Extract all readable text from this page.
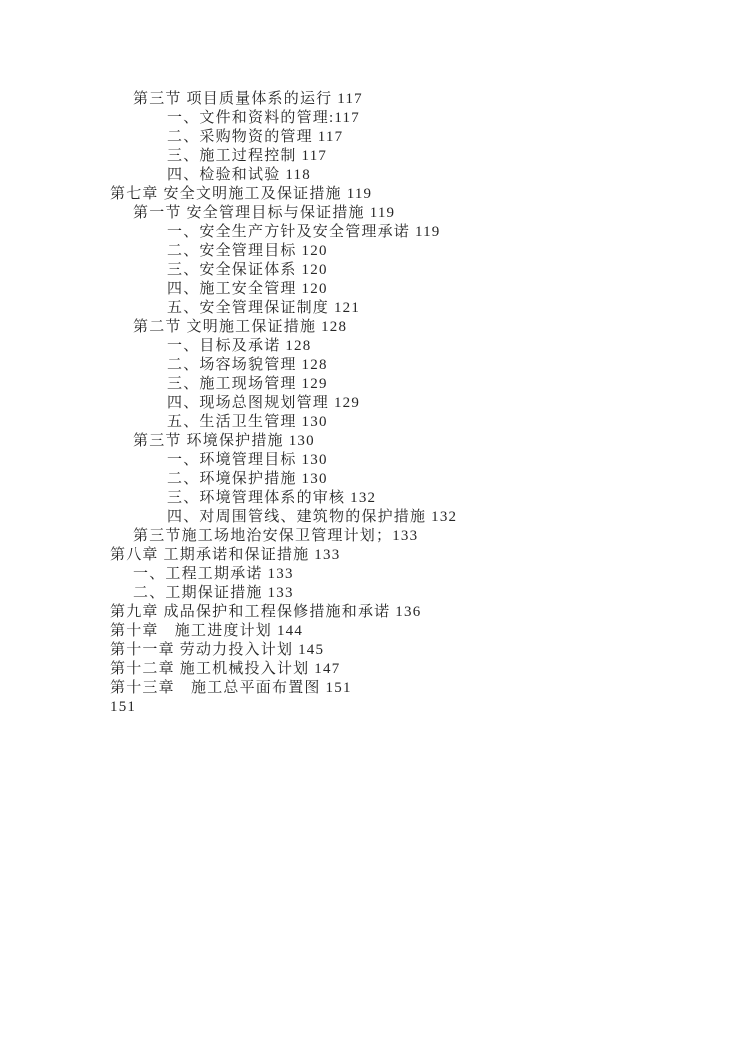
第三节 项目质量体系的运行 117
一、文件和资料的管理:117
二、采购物资的管理 117
三、施工过程控制 117
四、检验和试验 118
第七章 安全文明施工及保证措施 119
第一节 安全管理目标与保证措施 119
一、安全生产方针及安全管理承诺 119
二、安全管理目标 120
三、安全保证体系 120
四、施工安全管理 120
五、安全管理保证制度 121
第二节 文明施工保证措施 128
一、目标及承诺 128
二、场容场貌管理 128
三、施工现场管理 129
四、现场总图规划管理 129
五、生活卫生管理 130
第三节 环境保护措施 130
一、环境管理目标 130
二、环境保护措施 130
三、环境管理体系的审核 132
四、对周围管线、建筑物的保护措施 132
第三节施工场地治安保卫管理计划；133
第八章 工期承诺和保证措施 133
一、工程工期承诺 133
二、工期保证措施 133
第九章 成品保护和工程保修措施和承诺 136
第十章　施工进度计划 144
第十一章 劳动力投入计划 145
第十二章 施工机械投入计划 147
第十三章　施工总平面布置图 151
151
